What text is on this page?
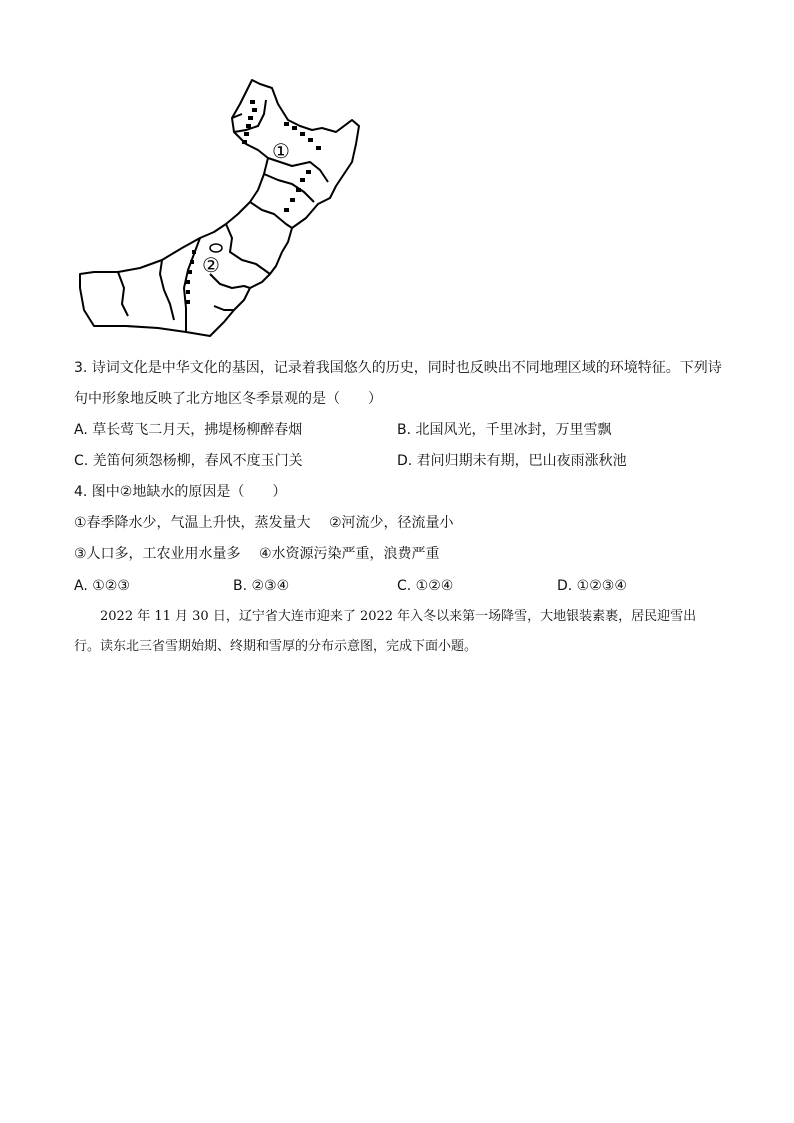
①
②
3. 诗词文化是中华文化的基因，记录着我国悠久的历史，同时也反映出不同地理区域的环境特征。下列诗
句中形象地反映了北方地区冬季景观的是（　　）
A. 草长莺飞二月天，拂堤杨柳醉春烟	B. 北国风光，千里冰封，万里雪飘
C. 羌笛何须怨杨柳，春风不度玉门关	D. 君问归期未有期，巴山夜雨涨秋池
4. 图中②地缺水的原因是（　　）
①春季降水少，气温上升快，蒸发量大　 ②河流少，径流量小
③人口多，工农业用水量多　 ④水资源污染严重，浪费严重
A. ①②③	B. ②③④	C. ①②④	D. ①②③④
2022 年 11 月 30 日，辽宁省大连市迎来了 2022 年入冬以来第一场降雪，大地银装素裹，居民迎雪出
行。读东北三省雪期始期、终期和雪厚的分布示意图，完成下面小题。
